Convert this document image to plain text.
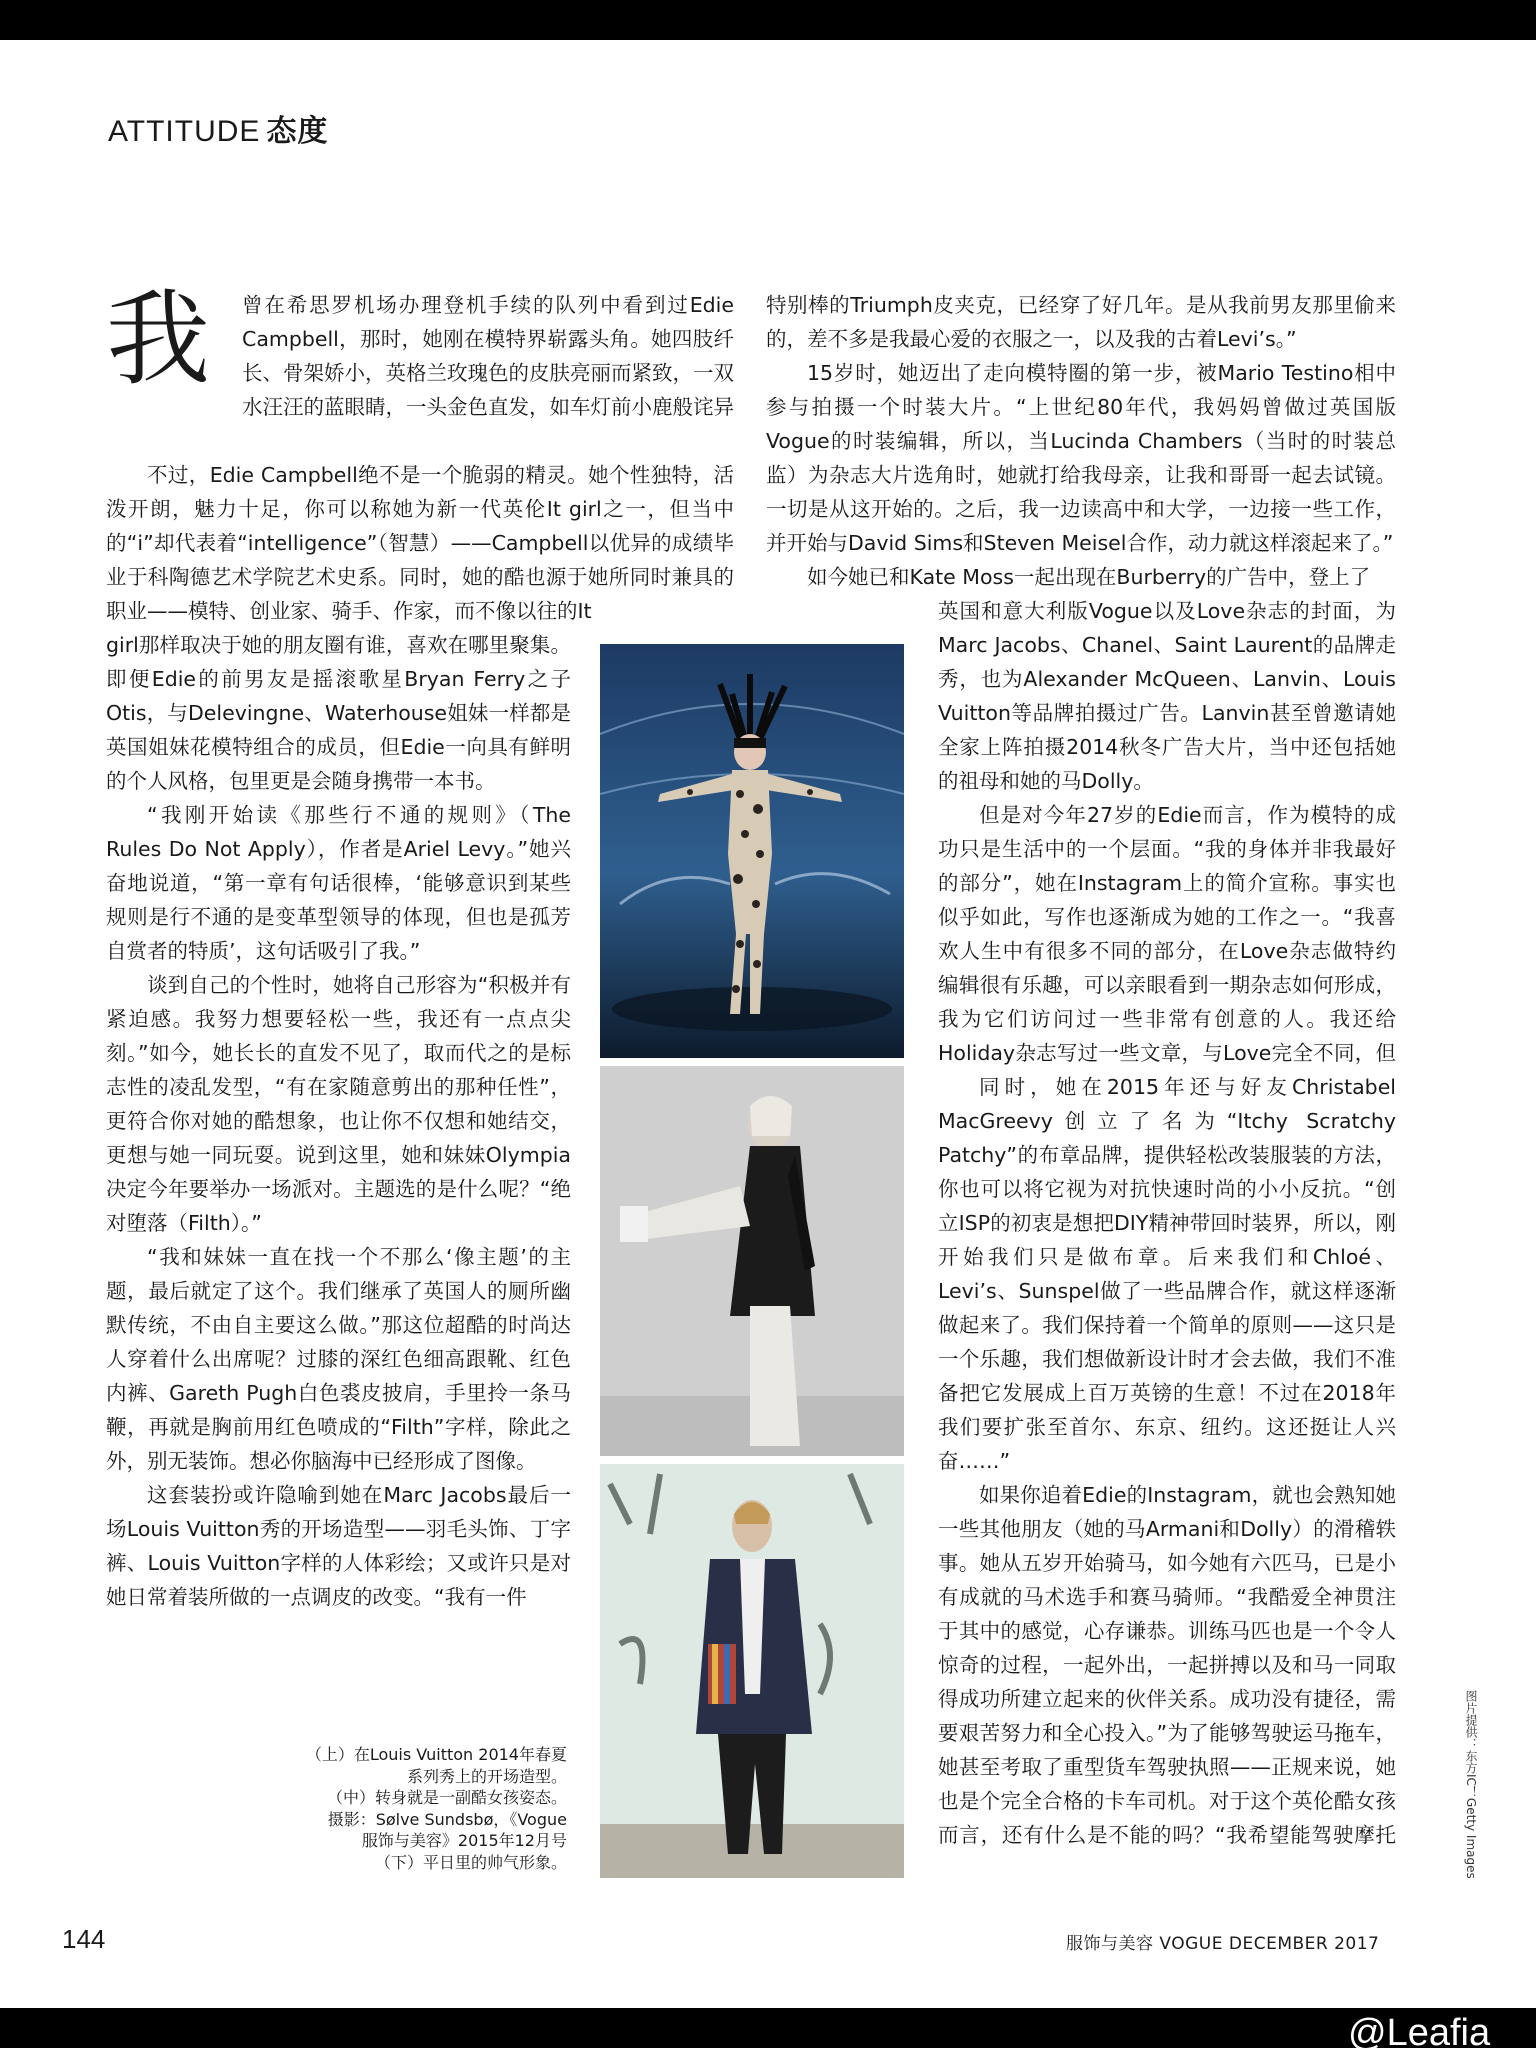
ATTITUDE 态度
我 曾在希思罗机场办理登机手续的队列中看到过Edie Campbell，那时，她刚在模特界崭露头角。她四肢纤长、骨架娇小，英格兰玫瑰色的皮肤亮丽而紧致，一双水汪汪的蓝眼睛，一头金色直发，如车灯前小鹿般诧异

不过，Edie Campbell绝不是一个脆弱的精灵。她个性独特，活泼开朗，魅力十足，你可以称她为新一代英伦It girl之一，但当中的“i”却代表着“intelligence”（智慧）——Campbell以优异的成绩毕业于科陶德艺术学院艺术史系。同时，她的酷也源于她所同时兼具的职业——模特、创业家、骑手、作家，而不像以往的It

girl那样取决于她的朋友圈有谁，喜欢在哪里聚集。即便Edie的前男友是摇滚歌星Bryan Ferry之子Otis，与Delevingne、Waterhouse姐妹一样都是英国姐妹花模特组合的成员，但Edie一向具有鲜明的个人风格，包里更是会随身携带一本书。

“我刚开始读《那些行不通的规则》（The Rules Do Not Apply），作者是Ariel Levy。”她兴奋地说道，“第一章有句话很棒，‘能够意识到某些规则是行不通的是变革型领导的体现，但也是孤芳自赏者的特质’，这句话吸引了我。”

谈到自己的个性时，她将自己形容为“积极并有紧迫感。我努力想要轻松一些，我还有一点点尖刻。”如今，她长长的直发不见了，取而代之的是标志性的凌乱发型，“有在家随意剪出的那种任性”，更符合你对她的酷想象，也让你不仅想和她结交，更想与她一同玩耍。说到这里，她和妹妹Olympia决定今年要举办一场派对。主题选的是什么呢？“绝对堕落（Filth）。”

“我和妹妹一直在找一个不那么‘像主题’的主题，最后就定了这个。我们继承了英国人的厕所幽默传统，不由自主要这么做。”那这位超酷的时尚达人穿着什么出席呢？过膝的深红色细高跟靴、红色内裤、Gareth Pugh白色裘皮披肩，手里拎一条马鞭，再就是胸前用红色喷成的“Filth”字样，除此之外，别无装饰。想必你脑海中已经形成了图像。

这套装扮或许隐喻到她在Marc Jacobs最后一场Louis Vuitton秀的开场造型——羽毛头饰、丁字裤、Louis Vuitton字样的人体彩绘；又或许只是对她日常着装所做的一点调皮的改变。“我有一件

特别棒的Triumph皮夹克，已经穿了好几年。是从我前男友那里偷来的，差不多是我最心爱的衣服之一，以及我的古着Levi’s。”

15岁时，她迈出了走向模特圈的第一步，被Mario Testino相中参与拍摄一个时装大片。“上世纪80年代，我妈妈曾做过英国版Vogue的时装编辑，所以，当Lucinda Chambers（当时的时装总监）为杂志大片选角时，她就打给我母亲，让我和哥哥一起去试镜。一切是从这开始的。之后，我一边读高中和大学，一边接一些工作，并开始与David Sims和Steven Meisel合作，动力就这样滚起来了。”

如今她已和Kate Moss一起出现在Burberry的广告中，登上了

英国和意大利版Vogue以及Love杂志的封面，为Marc Jacobs、Chanel、Saint Laurent的品牌走秀，也为Alexander McQueen、Lanvin、Louis Vuitton等品牌拍摄过广告。Lanvin甚至曾邀请她全家上阵拍摄2014秋冬广告大片，当中还包括她的祖母和她的马Dolly。

但是对今年27岁的Edie而言，作为模特的成功只是生活中的一个层面。“我的身体并非我最好的部分”，她在Instagram上的简介宣称。事实也似乎如此，写作也逐渐成为她的工作之一。“我喜欢人生中有很多不同的部分，在Love杂志做特约编辑很有乐趣，可以亲眼看到一期杂志如何形成，我为它们访问过一些非常有创意的人。我还给Holiday杂志写过一些文章，与Love完全不同，但

同时，她在2015年还与好友Christabel MacGreevy创立了名为“Itchy Scratchy Patchy”的布章品牌，提供轻松改装服装的方法，你也可以将它视为对抗快速时尚的小小反抗。“创立ISP的初衷是想把DIY精神带回时装界，所以，刚开始我们只是做布章。后来我们和Chloé、Levi’s、Sunspel做了一些品牌合作，就这样逐渐做起来了。我们保持着一个简单的原则——这只是一个乐趣，我们想做新设计时才会去做，我们不准备把它发展成上百万英镑的生意！不过在2018年我们要扩张至首尔、东京、纽约。这还挺让人兴奋……”

如果你追着Edie的Instagram，就也会熟知她一些其他朋友（她的马Armani和Dolly）的滑稽轶事。她从五岁开始骑马，如今她有六匹马，已是小有成就的马术选手和赛马骑师。“我酷爱全神贯注于其中的感觉，心存谦恭。训练马匹也是一个令人惊奇的过程，一起外出，一起拼搏以及和马一同取得成功所建立起来的伙伴关系。成功没有捷径，需要艰苦努力和全心投入。”为了能够驾驶运马拖车，她甚至考取了重型货车驾驶执照——正规来说，她也是个完全合格的卡车司机。对于这个英伦酷女孩而言，还有什么是不能的吗？“我希望能驾驶摩托

（上）在Louis Vuitton 2014年春夏
系列秀上的开场造型。
（中）转身就是一副酷女孩姿态。
摄影：Sølve Sundsbø，《Vogue
服饰与美容》2015年12月号
（下）平日里的帅气形象。	图片提供：东方IC！Getty Images
144	服饰与美容 VOGUE DECEMBER 2017
@Leafia
